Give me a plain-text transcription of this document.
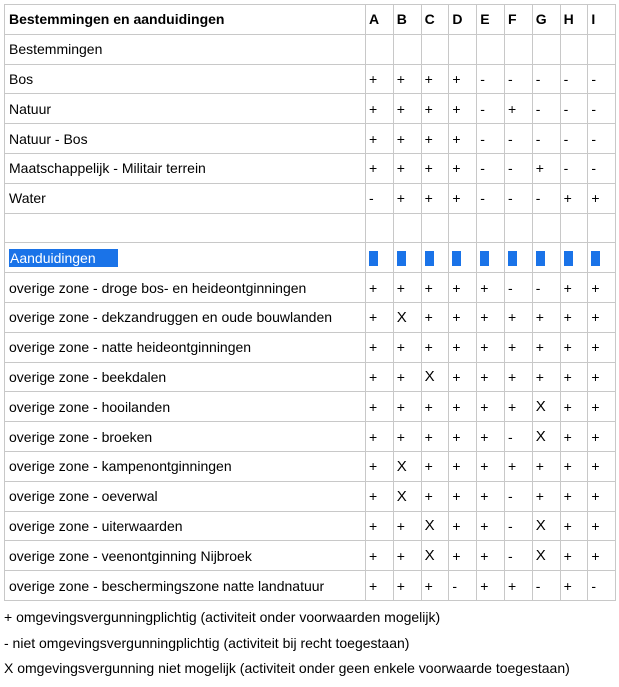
Bestemmingen en aanduidingen	A	B	C	D	E	F	G	H	I
Bestemmingen									
Bos	+	+	+	+	-	-	-	-	-
Natuur	+	+	+	+	-	+	-	-	-
Natuur - Bos	+	+	+	+	-	-	-	-	-
Maatschappelijk - Militair terrein	+	+	+	+	-	-	+	-	-
Water	-	+	+	+	-	-	-	+	+

Aanduidingen									
overige zone - droge bos- en heideontginningen	+	+	+	+	+	-	-	+	+
overige zone - dekzandruggen en oude bouwlanden	+	X	+	+	+	+	+	+	+
overige zone - natte heideontginningen	+	+	+	+	+	+	+	+	+
overige zone - beekdalen	+	+	X	+	+	+	+	+	+
overige zone - hooilanden	+	+	+	+	+	+	X	+	+
overige zone - broeken	+	+	+	+	+	-	X	+	+
overige zone - kampenontginningen	+	X	+	+	+	+	+	+	+
overige zone - oeverwal	+	X	+	+	+	-	+	+	+
overige zone - uiterwaarden	+	+	X	+	+	-	X	+	+
overige zone - veenontginning Nijbroek	+	+	X	+	+	-	X	+	+
overige zone - beschermingszone natte landnatuur	+	+	+	-	+	+	-	+	-
+ omgevingsvergunningplichtig (activiteit onder voorwaarden mogelijk)
- niet omgevingsvergunningplichtig (activiteit bij recht toegestaan)
X omgevingsvergunning niet mogelijk (activiteit onder geen enkele voorwaarde toegestaan)
